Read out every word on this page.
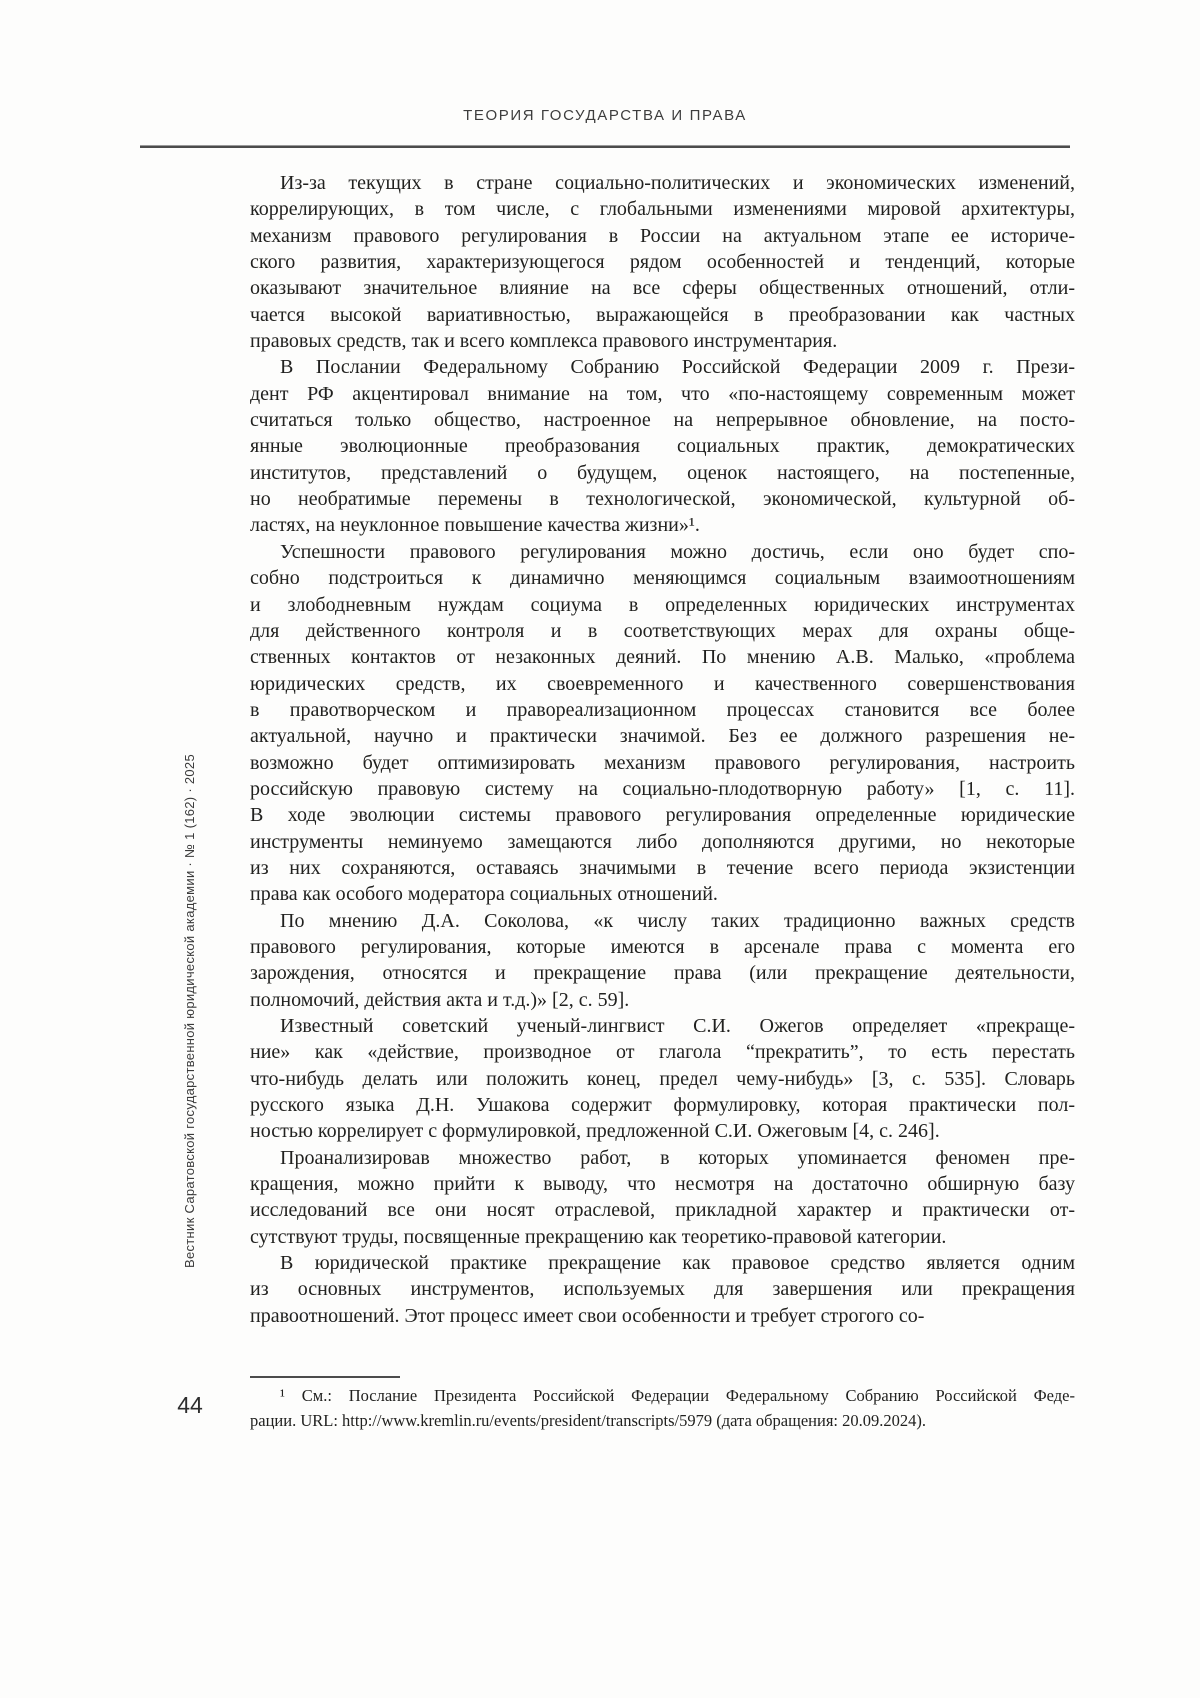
ТЕОРИЯ ГОСУДАРСТВА И ПРАВА
Вестник Саратовской государственной юридической академии · № 1 (162) · 2025
Из-за текущих в стране социально-политических и экономических изменений,
коррелирующих, в том числе, с глобальными изменениями мировой архитектуры,
механизм правового регулирования в России на актуальном этапе ее историче-
ского развития, характеризующегося рядом особенностей и тенденций, которые
оказывают значительное влияние на все сферы общественных отношений, отли-
чается высокой вариативностью, выражающейся в преобразовании как частных
правовых средств, так и всего комплекса правового инструментария.
В Послании Федеральному Собранию Российской Федерации 2009 г. Прези-
дент РФ акцентировал внимание на том, что «по-настоящему современным может
считаться только общество, настроенное на непрерывное обновление, на посто-
янные эволюционные преобразования социальных практик, демократических
институтов, представлений о будущем, оценок настоящего, на постепенные,
но необратимые перемены в технологической, экономической, культурной об-
ластях, на неуклонное повышение качества жизни»¹.
Успешности правового регулирования можно достичь, если оно будет спо-
собно подстроиться к динамично меняющимся социальным взаимоотношениям
и злободневным нуждам социума в определенных юридических инструментах
для действенного контроля и в соответствующих мерах для охраны обще-
ственных контактов от незаконных деяний. По мнению А.В. Малько, «проблема
юридических средств, их своевременного и качественного совершенствования
в правотворческом и правореализационном процессах становится все более
актуальной, научно и практически значимой. Без ее должного разрешения не-
возможно будет оптимизировать механизм правового регулирования, настроить
российскую правовую систему на социально-плодотворную работу» [1, с. 11].
В ходе эволюции системы правового регулирования определенные юридические
инструменты неминуемо замещаются либо дополняются другими, но некоторые
из них сохраняются, оставаясь значимыми в течение всего периода экзистенции
права как особого модератора социальных отношений.
По мнению Д.А. Соколова, «к числу таких традиционно важных средств
правового регулирования, которые имеются в арсенале права с момента его
зарождения, относятся и прекращение права (или прекращение деятельности,
полномочий, действия акта и т.д.)» [2, с. 59].
Известный советский ученый-лингвист С.И. Ожегов определяет «прекраще-
ние» как «действие, производное от глагола “прекратить”, то есть перестать
что-нибудь делать или положить конец, предел чему-нибудь» [3, с. 535]. Словарь
русского языка Д.Н. Ушакова содержит формулировку, которая практически пол-
ностью коррелирует с формулировкой, предложенной С.И. Ожеговым [4, с. 246].
Проанализировав множество работ, в которых упоминается феномен пре-
кращения, можно прийти к выводу, что несмотря на достаточно обширную базу
исследований все они носят отраслевой, прикладной характер и практически от-
сутствуют труды, посвященные прекращению как теоретико-правовой категории.
В юридической практике прекращение как правовое средство является одним
из основных инструментов, используемых для завершения или прекращения
правоотношений. Этот процесс имеет свои особенности и требует строгого со-
¹ См.: Послание Президента Российской Федерации Федеральному Собранию Российской Феде-
рации. URL: http://www.kremlin.ru/events/president/transcripts/5979 (дата обращения: 20.09.2024).
44
